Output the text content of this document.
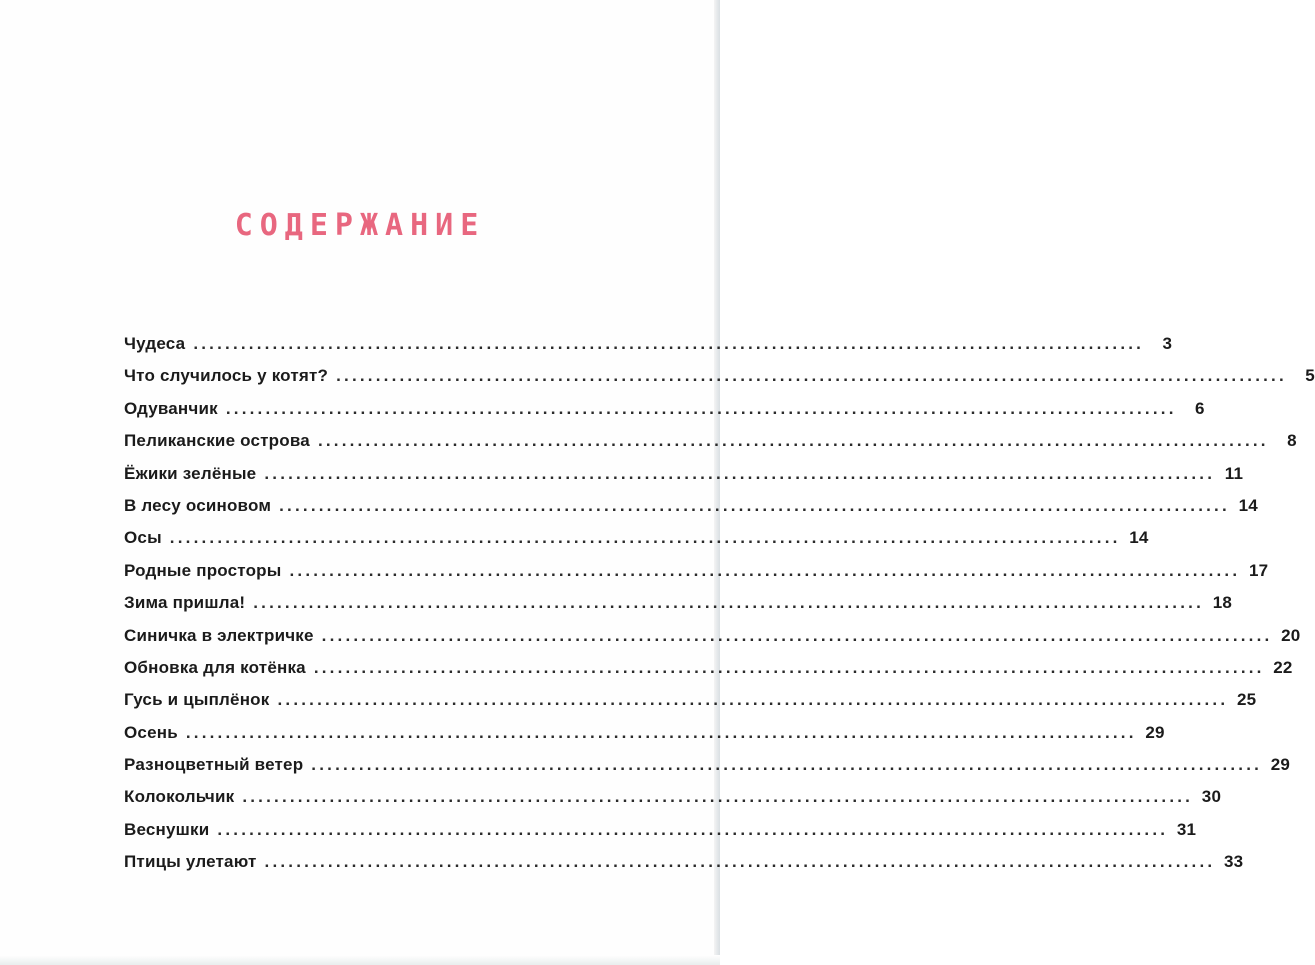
СОДЕРЖАНИЕ
Чудеса ........................................................................................................................	3
Что случилось у котят? ........................................................................................................................	5
Одуванчик ........................................................................................................................	6
Пеликанские острова ........................................................................................................................	8
Ёжики зелёные ........................................................................................................................ 11
В лесу осиновом ........................................................................................................................ 14
Осы ........................................................................................................................ 14
Родные просторы ........................................................................................................................ 17
Зима пришла! ........................................................................................................................ 18
Синичка в электричке ........................................................................................................................ 20
Обновка для котёнка ........................................................................................................................ 22
Гусь и цыплёнок ........................................................................................................................ 25
Осень ........................................................................................................................ 29
Разноцветный ветер ........................................................................................................................ 29
Колокольчик ........................................................................................................................ 30
Веснушки ........................................................................................................................ 31
Птицы улетают ........................................................................................................................ 33
